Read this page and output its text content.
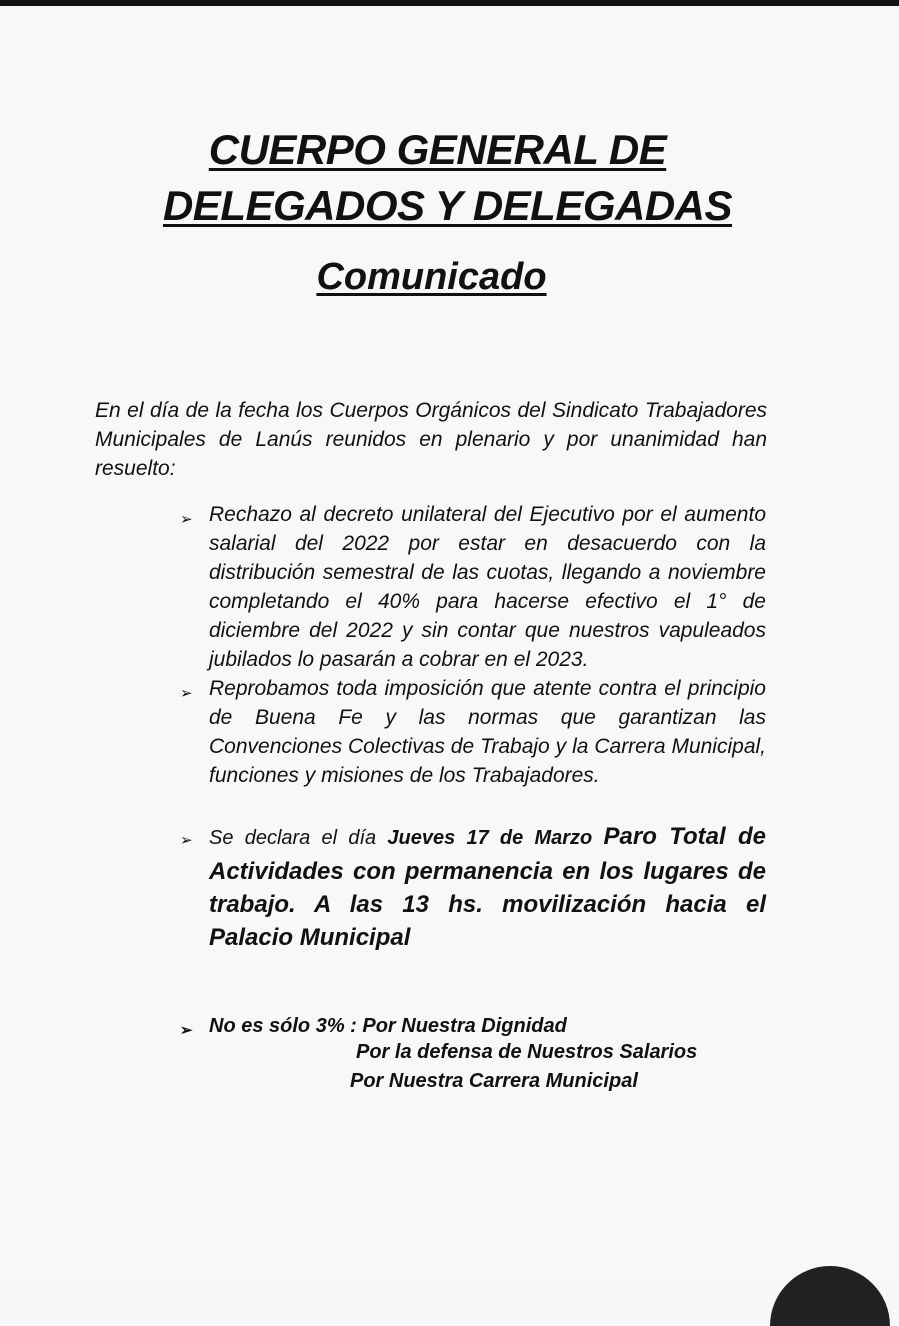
CUERPO GENERAL DE
DELEGADOS Y DELEGADAS
Comunicado

En el día de la fecha los Cuerpos Orgánicos del Sindicato Trabajadores Municipales de Lanús reunidos en plenario y por unanimidad han resuelto:

➢ Rechazo al decreto unilateral del Ejecutivo por el aumento salarial del 2022 por estar en desacuerdo con la distribución semestral de las cuotas, llegando a noviembre completando el 40% para hacerse efectivo el 1° de diciembre del 2022 y sin contar que nuestros vapuleados jubilados lo pasarán a cobrar en el 2023.
➢ Reprobamos toda imposición que atente contra el principio de Buena Fe y las normas que garantizan las Convenciones Colectivas de Trabajo y la Carrera Municipal, funciones y misiones de los Trabajadores.
➢ Se declara el día Jueves 17 de Marzo Paro Total de Actividades con permanencia en los lugares de trabajo. A las 13 hs. movilización hacia el Palacio Municipal
➢ No es sólo 3% : Por Nuestra Dignidad

Por la defensa de Nuestros Salarios

Por Nuestra Carrera Municipal
